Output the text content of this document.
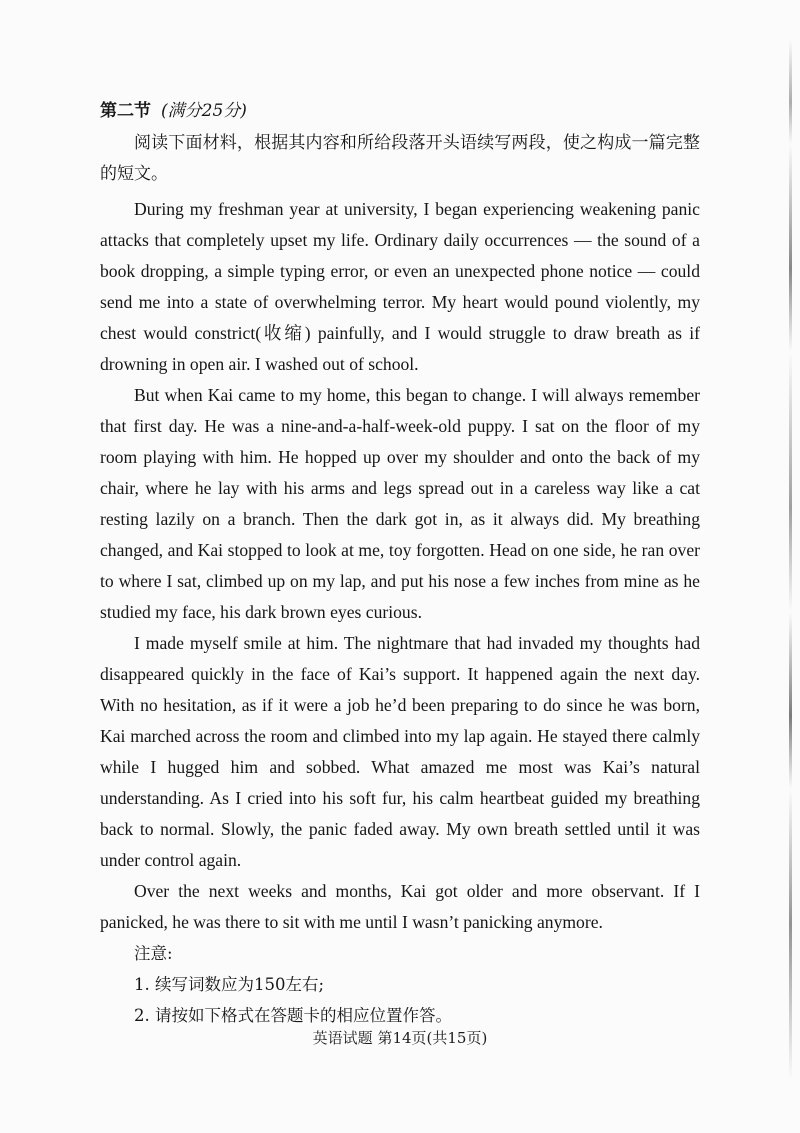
第二节 (满分25分)

阅读下面材料，根据其内容和所给段落开头语续写两段，使之构成一篇完整的短文。

During my freshman year at university, I began experiencing weakening panic attacks that completely upset my life. Ordinary daily occurrences — the sound of a book dropping, a simple typing error, or even an unexpected phone notice — could send me into a state of overwhelming terror. My heart would pound violently, my chest would constrict(收缩) painfully, and I would struggle to draw breath as if drowning in open air. I washed out of school.

But when Kai came to my home, this began to change. I will always remember that first day. He was a nine-and-a-half-week-old puppy. I sat on the floor of my room playing with him. He hopped up over my shoulder and onto the back of my chair, where he lay with his arms and legs spread out in a careless way like a cat resting lazily on a branch. Then the dark got in, as it always did. My breathing changed, and Kai stopped to look at me, toy forgotten. Head on one side, he ran over to where I sat, climbed up on my lap, and put his nose a few inches from mine as he studied my face, his dark brown eyes curious.

I made myself smile at him. The nightmare that had invaded my thoughts had disappeared quickly in the face of Kai’s support. It happened again the next day. With no hesitation, as if it were a job he’d been preparing to do since he was born, Kai marched across the room and climbed into my lap again. He stayed there calmly while I hugged him and sobbed. What amazed me most was Kai’s natural understanding. As I cried into his soft fur, his calm heartbeat guided my breathing back to normal. Slowly, the panic faded away. My own breath settled until it was under control again.

Over the next weeks and months, Kai got older and more observant. If I panicked, he was there to sit with me until I wasn’t panicking anymore.

注意:

1. 续写词数应为150左右;

2. 请按如下格式在答题卡的相应位置作答。

英语试题 第14页(共15页)
